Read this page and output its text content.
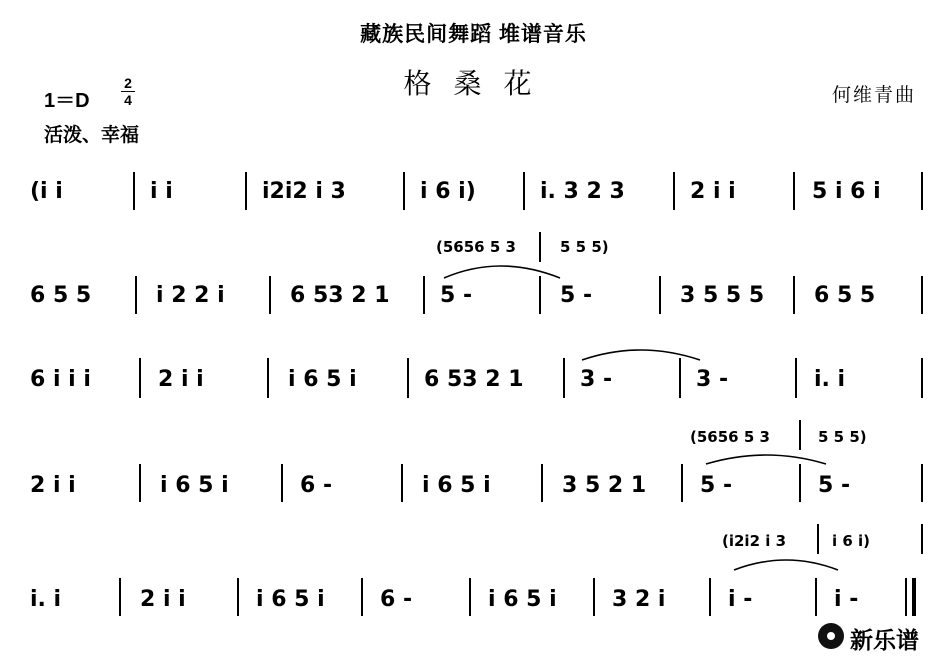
藏族民间舞蹈 堆谱音乐
格桑花	何维青曲
1＝D
2
4
活泼、幸福
(i i	i i	i2i2 i 3	i 6 i)	i. 3 2 3	2 i i	5 i 6 i
(5656 5 3	5 5 5)
6 5 5	i 2 2 i	6 53 2 1 5 -	5 -	3 5 5 5 6 5 5
6 i i i	2 i i	i 6 5 i	6 53 2 1	3 -	3 -	i. i
(5656 5 3	5 5 5)
2 i i	i 6 5 i	6 -	i 6 5 i	3 5 2 1 5 -	5 -
(i2i2 i 3	i 6 i)
i. i	2 i i	i 6 5 i	6 -	i 6 5 i	3 2 i	i -	i -
新乐谱
